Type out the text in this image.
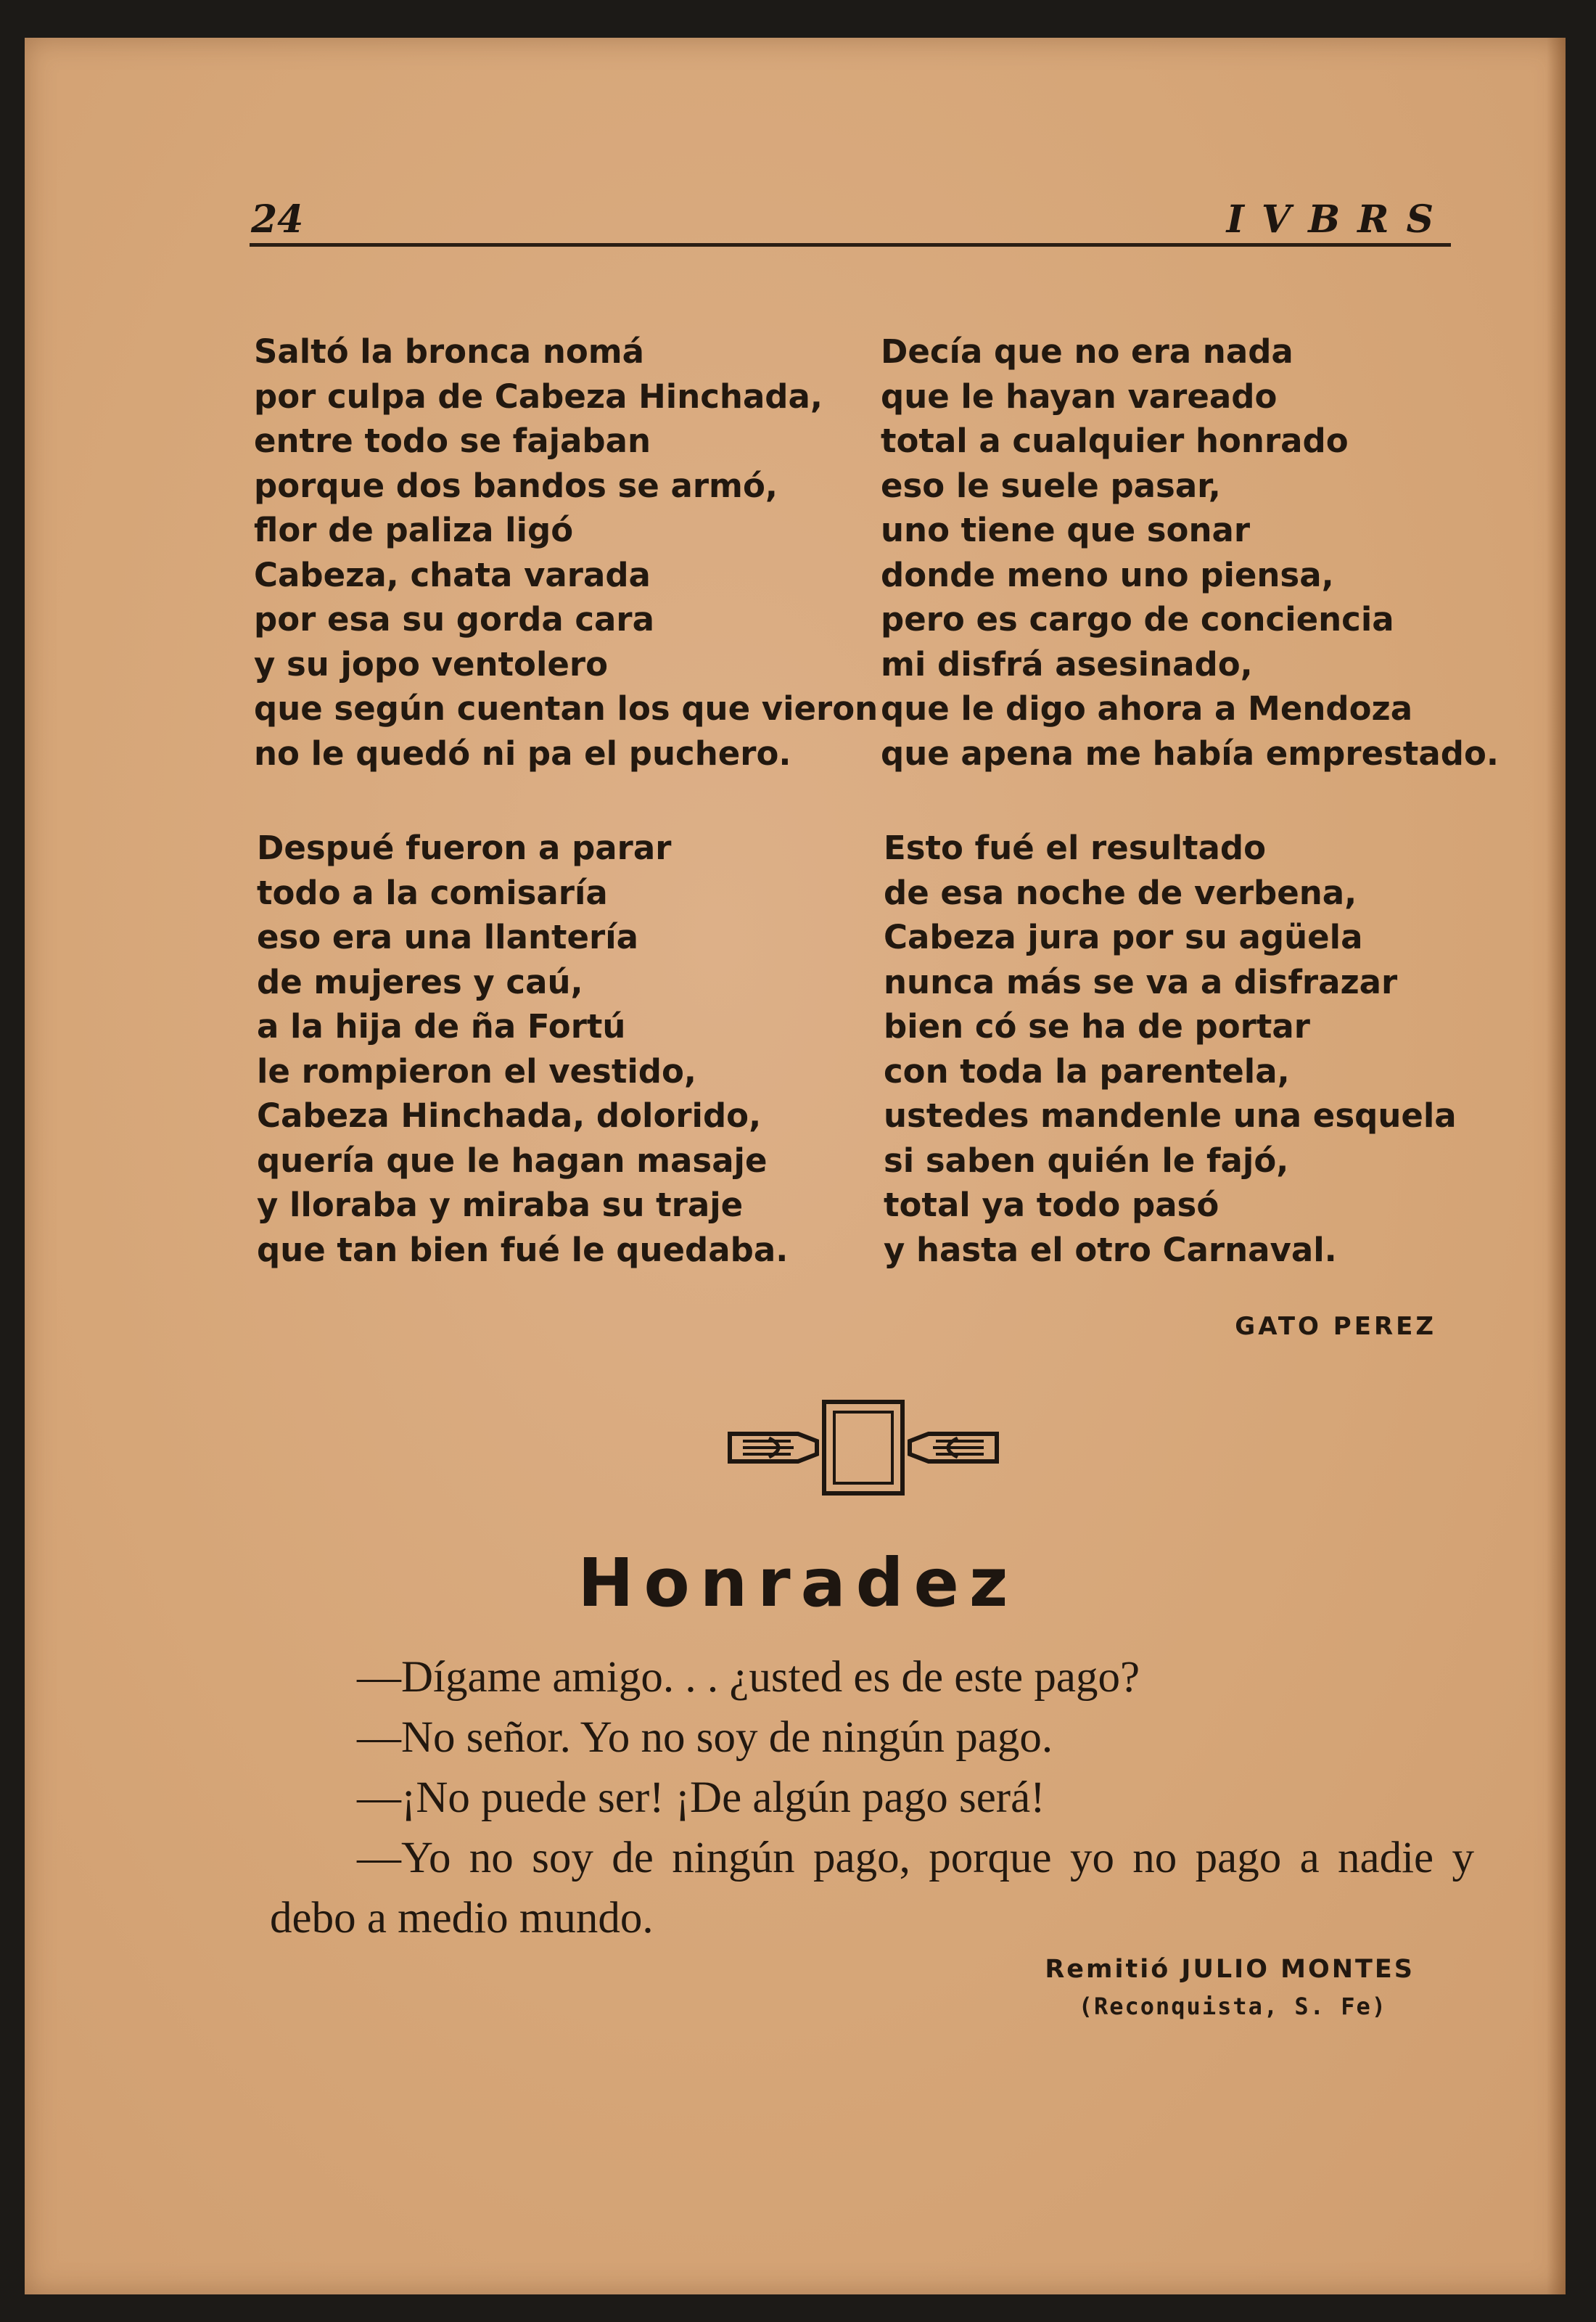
24	IVBRS
Saltó la bronca nomá
por culpa de Cabeza Hinchada,
entre todo se fajaban
porque dos bandos se armó,
flor de paliza ligó
Cabeza, chata varada
por esa su gorda cara
y su jopo ventolero
que según cuentan los que vieron
no le quedó ni pa el puchero.
Decía que no era nada
que le hayan vareado
total a cualquier honrado
eso le suele pasar,
uno tiene que sonar
donde meno uno piensa,
pero es cargo de conciencia
mi disfrá asesinado,
que le digo ahora a Mendoza
que apena me había emprestado.
Despué fueron a parar
todo a la comisaría
eso era una llantería
de mujeres y caú,
a la hija de ña Fortú
le rompieron el vestido,
Cabeza Hinchada, dolorido,
quería que le hagan masaje
y lloraba y miraba su traje
que tan bien fué le quedaba.
Esto fué el resultado
de esa noche de verbena,
Cabeza jura por su agüela
nunca más se va a disfrazar
bien có se ha de portar
con toda la parentela,
ustedes mandenle una esquela
si saben quién le fajó,
total ya todo pasó
y hasta el otro Carnaval.
GATO PEREZ
Honradez
—Dígame amigo. . . ¿usted es de este pago?
—No señor. Yo no soy de ningún pago.
—¡No puede ser! ¡De algún pago será!
—Yo no soy de ningún pago, porque yo no pago a nadie y debo a medio mundo.
Remitió JULIO MONTES
(Reconquista, S. Fe)
